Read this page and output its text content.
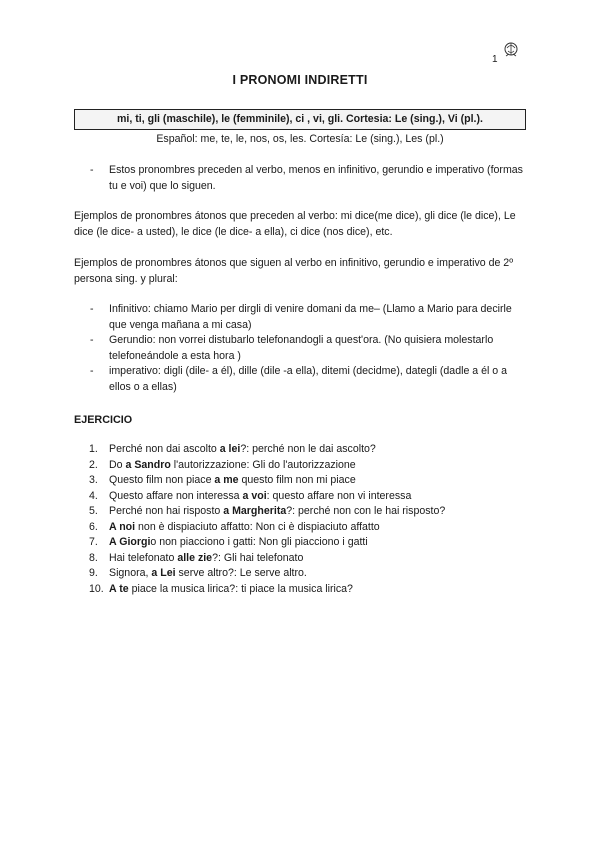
1
I PRONOMI INDIRETTI
mi, ti, gli (maschile), le (femminile), ci , vi, gli. Cortesia: Le (sing.), Vi (pl.).
Español: me, te, le, nos, os, les. Cortesía: Le (sing.), Les (pl.)
- Estos pronombres preceden al verbo, menos en infinitivo, gerundio e imperativo (formas tu e voi) que lo siguen.

Ejemplos de pronombres átonos que preceden al verbo: mi dice(me dice), gli dice (le dice), Le dice (le dice- a usted), le dice (le dice- a ella), ci dice (nos dice), etc.

Ejemplos de pronombres átonos que siguen al verbo en infinitivo, gerundio e imperativo de 2º persona sing. y plural:

- Infinitivo: chiamo Mario per dirgli di venire domani da me– (Llamo a Mario para decirle que venga mañana a mi casa)
- Gerundio: non vorrei distubarlo telefonandogli a quest'ora. (No quisiera molestarlo telefoneándole a esta hora )
- imperativo: digli (dile- a él), dille (dile -a ella), ditemi (decidme), dategli (dadle a él o a ellos o a ellas)
EJERCICIO
1. Perché non dai ascolto a lei?: perché non le dai ascolto?
2. Do a Sandro l'autorizzazione: Gli do l'autorizzazione
3. Questo film non piace a me questo film non mi piace
4. Questo affare non interessa a voi: questo affare non vi interessa
5. Perché non hai risposto a Margherita?: perché non con le hai risposto?
6. A noi non è dispiaciuto affatto: Non ci è dispiaciuto affatto
7. A Giorgio non piacciono i gatti: Non gli piacciono i gatti
8. Hai telefonato alle zie?: Gli hai telefonato
9. Signora, a Lei serve altro?: Le serve altro.
10. A te piace la musica lirica?: ti piace la musica lirica?
